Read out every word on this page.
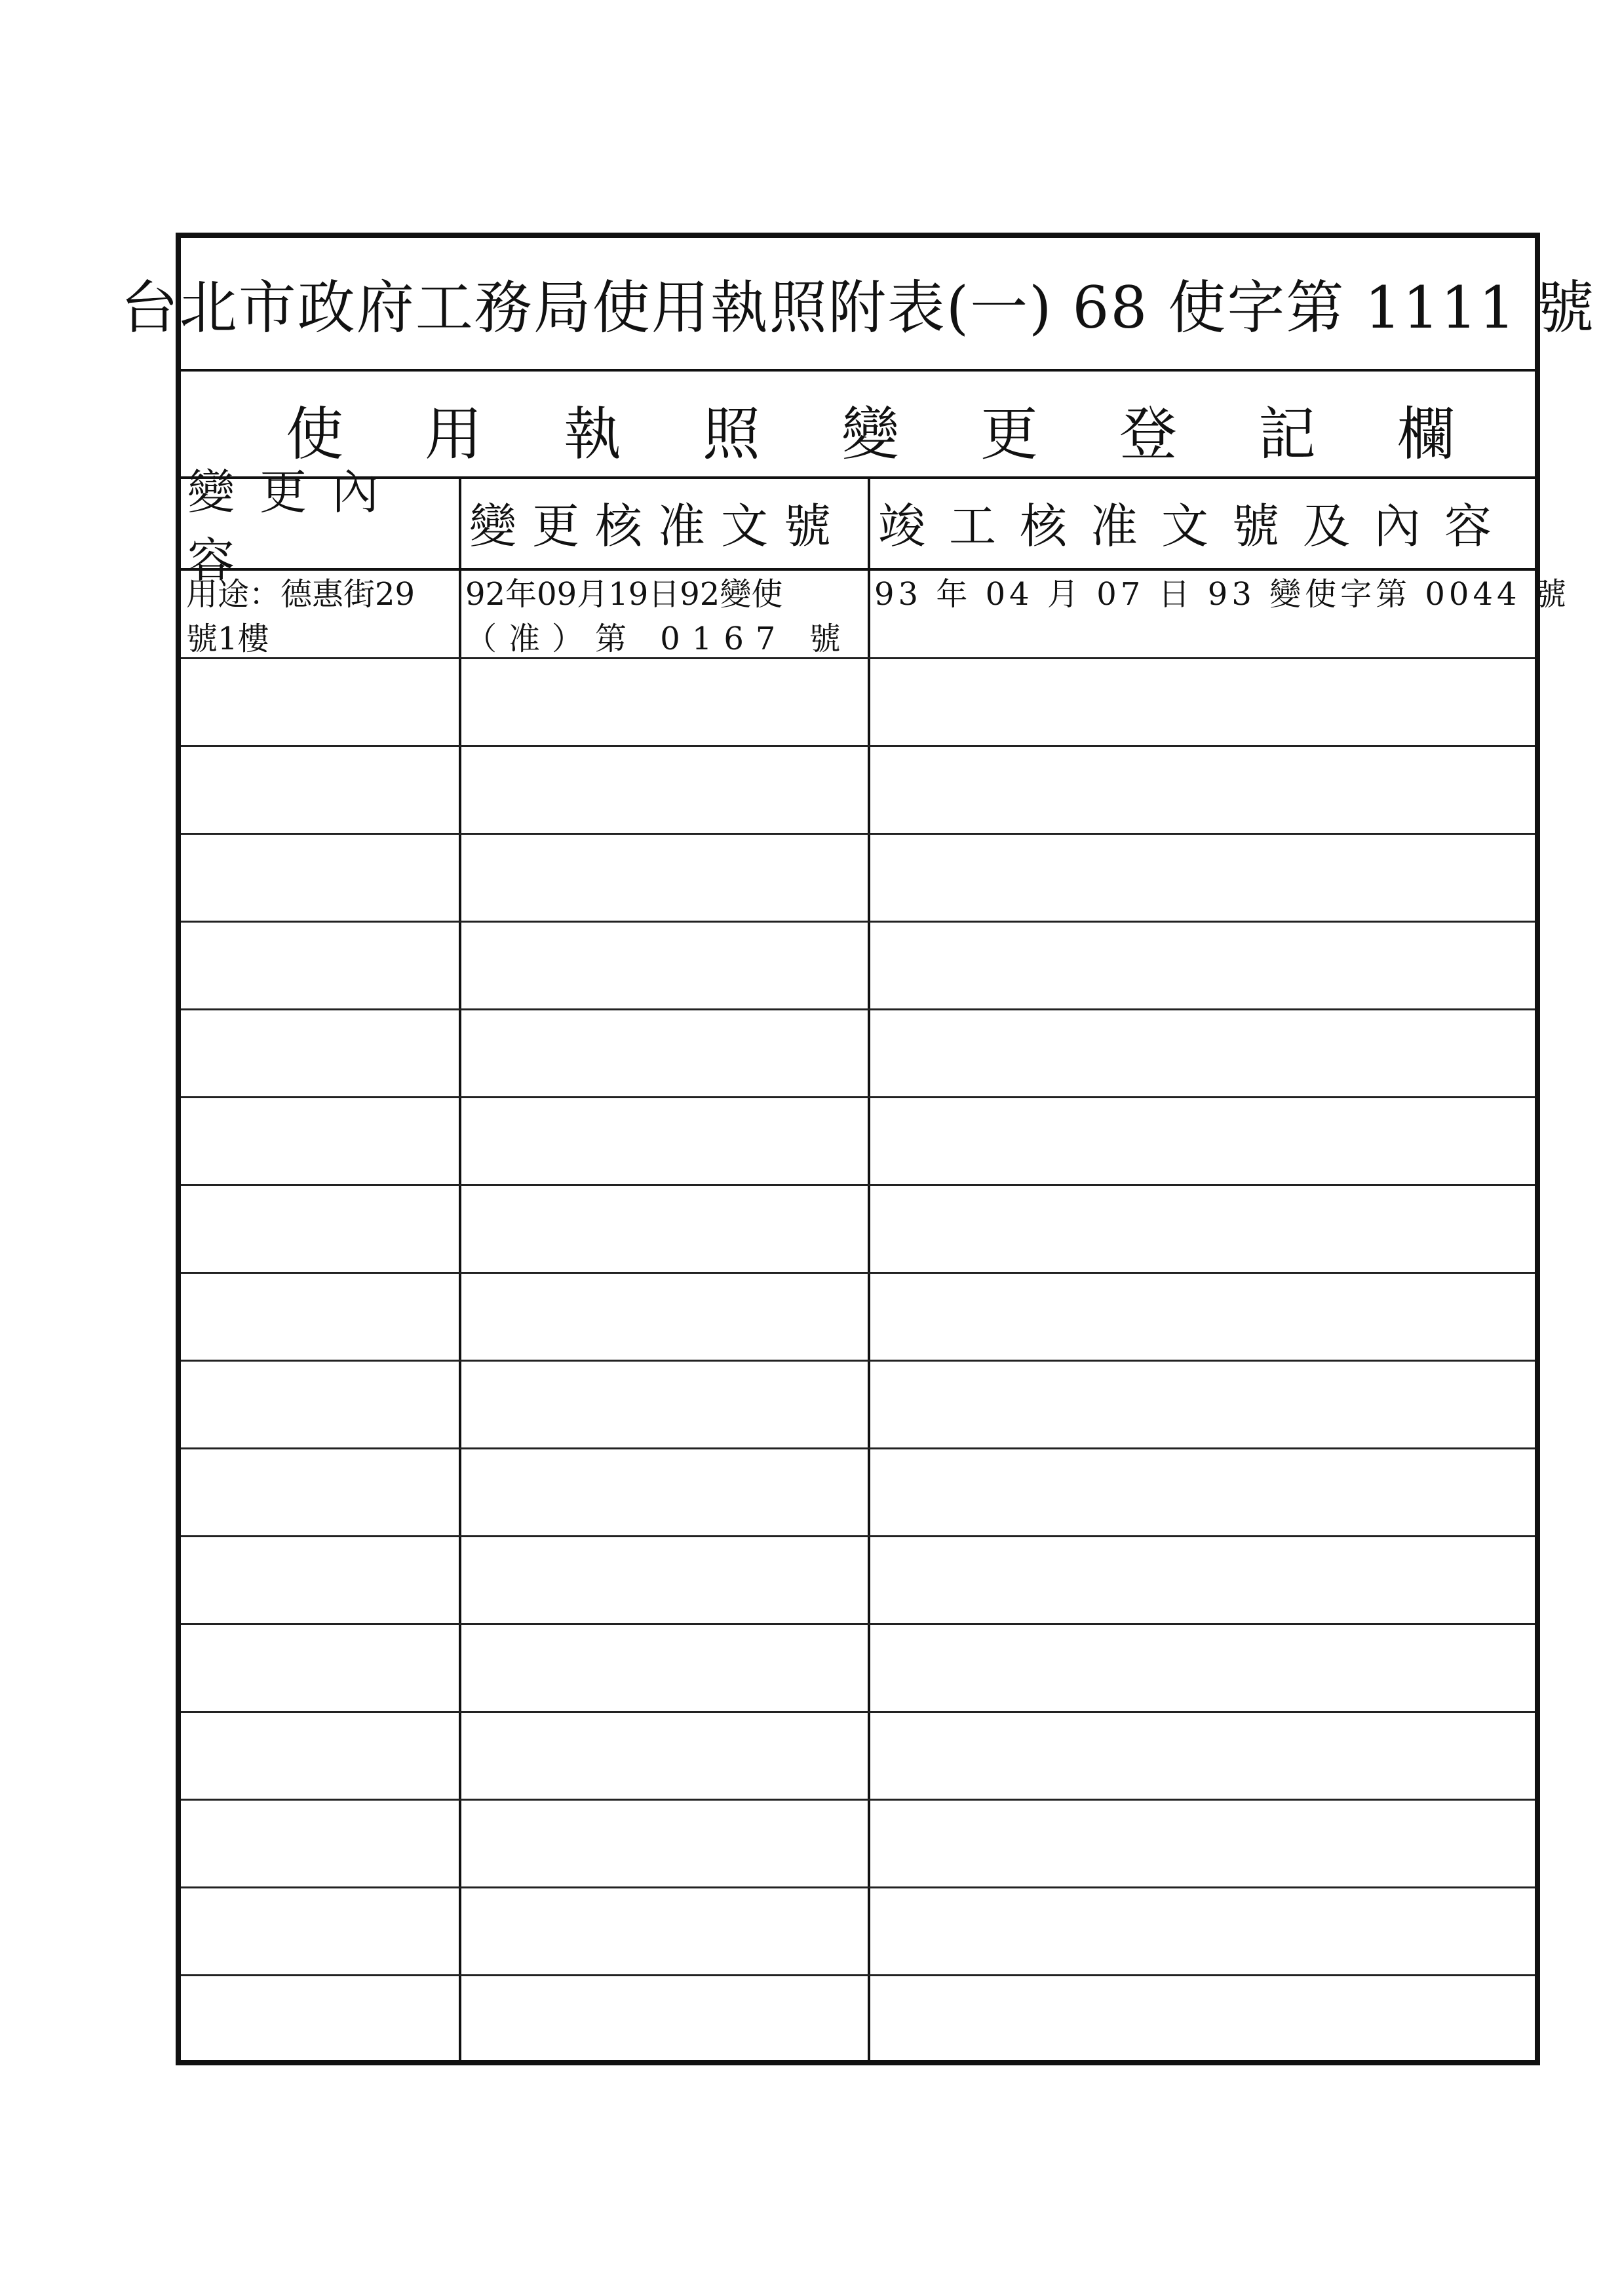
台北市政府工務局使用執照附表(一) 68 使字第 1111 號
使 用 執 照 變 更 登 記 欄
變更內容
變更核准文號 竣工核准文號及內容
用途：德惠街29
號1樓
92年09月19日92變使
（准）第 0167 號
93 年 04 月 07 日 93 變使字第 0044 號
